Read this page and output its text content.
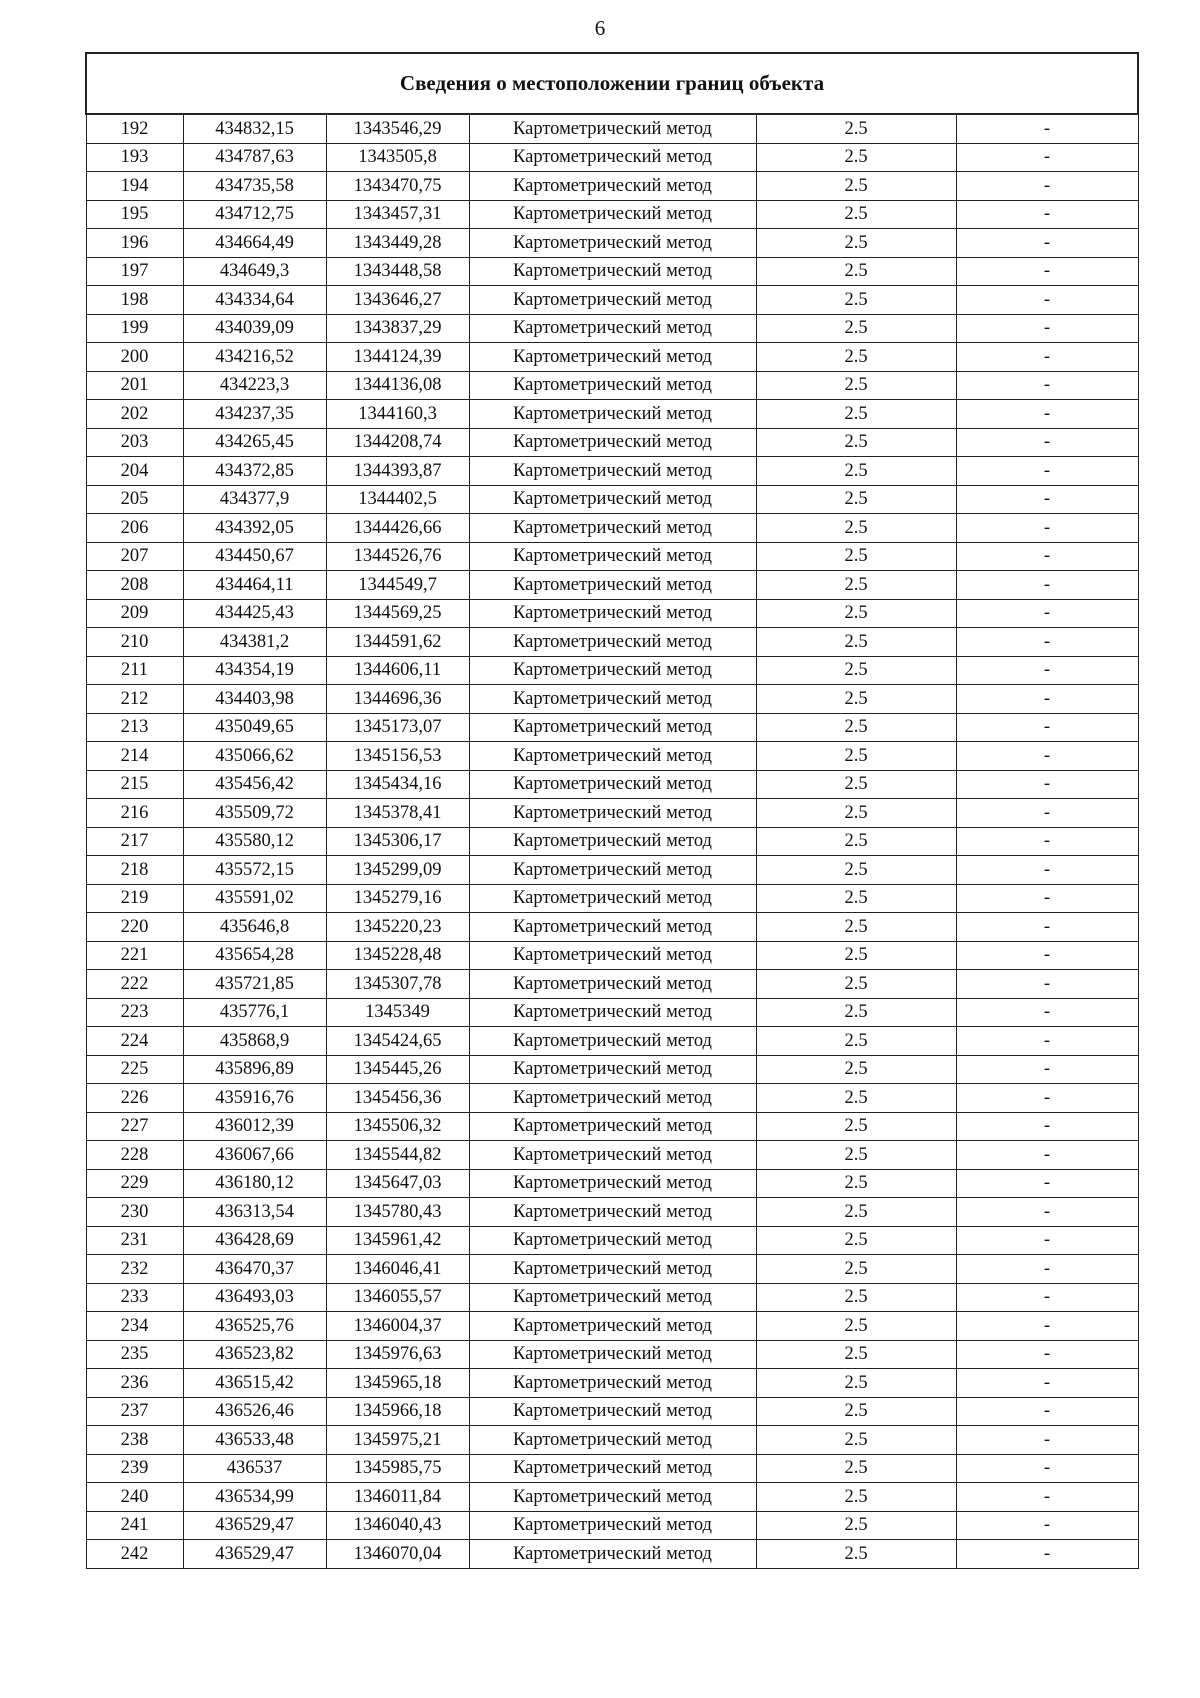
6
Сведения о местоположении границ объекта					
192	434832,15	1343546,29	Картометрический метод	2.5	-
193	434787,63	1343505,8	Картометрический метод	2.5	-
194	434735,58	1343470,75	Картометрический метод	2.5	-
195	434712,75	1343457,31	Картометрический метод	2.5	-
196	434664,49	1343449,28	Картометрический метод	2.5	-
197	434649,3	1343448,58	Картометрический метод	2.5	-
198	434334,64	1343646,27	Картометрический метод	2.5	-
199	434039,09	1343837,29	Картометрический метод	2.5	-
200	434216,52	1344124,39	Картометрический метод	2.5	-
201	434223,3	1344136,08	Картометрический метод	2.5	-
202	434237,35	1344160,3	Картометрический метод	2.5	-
203	434265,45	1344208,74	Картометрический метод	2.5	-
204	434372,85	1344393,87	Картометрический метод	2.5	-
205	434377,9	1344402,5	Картометрический метод	2.5	-
206	434392,05	1344426,66	Картометрический метод	2.5	-
207	434450,67	1344526,76	Картометрический метод	2.5	-
208	434464,11	1344549,7	Картометрический метод	2.5	-
209	434425,43	1344569,25	Картометрический метод	2.5	-
210	434381,2	1344591,62	Картометрический метод	2.5	-
211	434354,19	1344606,11	Картометрический метод	2.5	-
212	434403,98	1344696,36	Картометрический метод	2.5	-
213	435049,65	1345173,07	Картометрический метод	2.5	-
214	435066,62	1345156,53	Картометрический метод	2.5	-
215	435456,42	1345434,16	Картометрический метод	2.5	-
216	435509,72	1345378,41	Картометрический метод	2.5	-
217	435580,12	1345306,17	Картометрический метод	2.5	-
218	435572,15	1345299,09	Картометрический метод	2.5	-
219	435591,02	1345279,16	Картометрический метод	2.5	-
220	435646,8	1345220,23	Картометрический метод	2.5	-
221	435654,28	1345228,48	Картометрический метод	2.5	-
222	435721,85	1345307,78	Картометрический метод	2.5	-
223	435776,1	1345349	Картометрический метод	2.5	-
224	435868,9	1345424,65	Картометрический метод	2.5	-
225	435896,89	1345445,26	Картометрический метод	2.5	-
226	435916,76	1345456,36	Картометрический метод	2.5	-
227	436012,39	1345506,32	Картометрический метод	2.5	-
228	436067,66	1345544,82	Картометрический метод	2.5	-
229	436180,12	1345647,03	Картометрический метод	2.5	-
230	436313,54	1345780,43	Картометрический метод	2.5	-
231	436428,69	1345961,42	Картометрический метод	2.5	-
232	436470,37	1346046,41	Картометрический метод	2.5	-
233	436493,03	1346055,57	Картометрический метод	2.5	-
234	436525,76	1346004,37	Картометрический метод	2.5	-
235	436523,82	1345976,63	Картометрический метод	2.5	-
236	436515,42	1345965,18	Картометрический метод	2.5	-
237	436526,46	1345966,18	Картометрический метод	2.5	-
238	436533,48	1345975,21	Картометрический метод	2.5	-
239	436537	1345985,75	Картометрический метод	2.5	-
240	436534,99	1346011,84	Картометрический метод	2.5	-
241	436529,47	1346040,43	Картометрический метод	2.5	-
242	436529,47	1346070,04	Картометрический метод	2.5	-
